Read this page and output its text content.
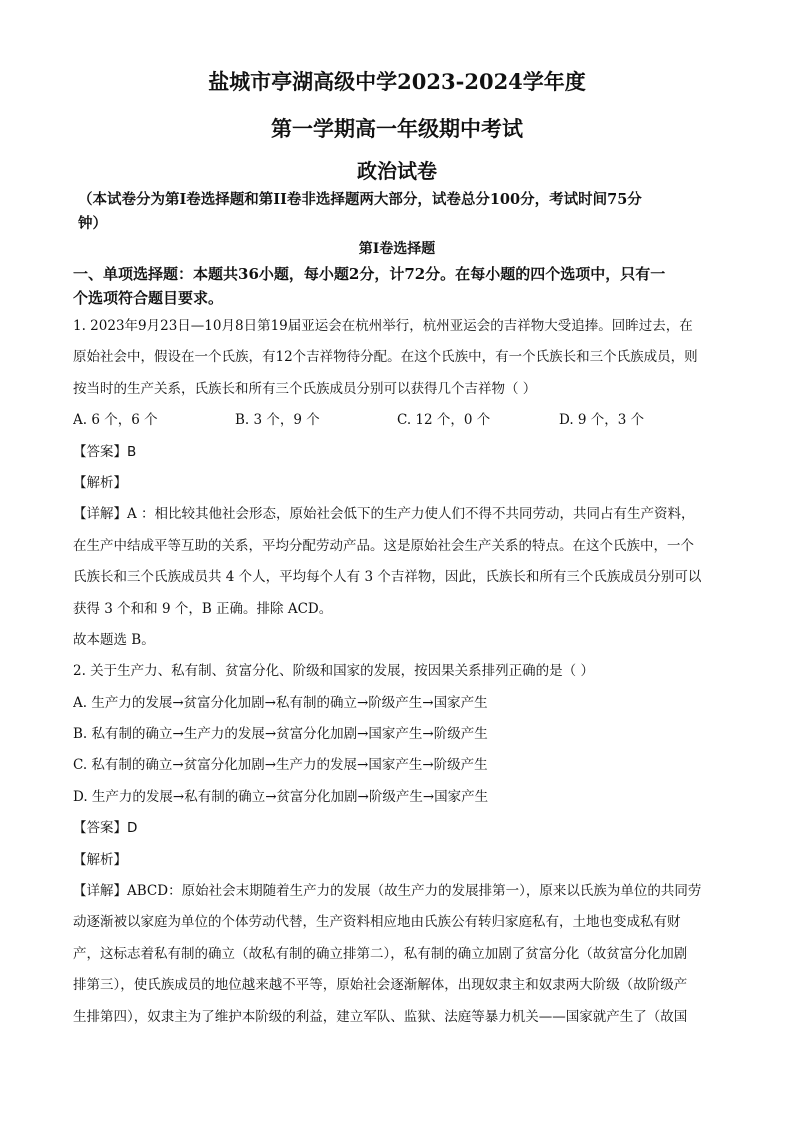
盐城市亭湖高级中学2023-2024学年度
第一学期高一年级期中考试
政治试卷
（本试卷分为第Ⅰ卷选择题和第II卷非选择题两大部分，试卷总分100分，考试时间75分
钟）
第Ⅰ卷选择题
一、单项选择题：本题共36小题，每小题2分，计72分。在每小题的四个选项中，只有一
个选项符合题目要求。
1. 2023年9月23日—10月8日第19届亚运会在杭州举行，杭州亚运会的吉祥物大受追捧。回眸过去，在
原始社会中，假设在一个氏族，有12个吉祥物待分配。在这个氏族中，有一个氏族长和三个氏族成员，则
按当时的生产关系，氏族长和所有三个氏族成员分别可以获得几个吉祥物（ ）
A. 6 个，6 个	B. 3 个，9 个	C. 12 个，0 个	D. 9 个，3 个
【答案】B
【解析】
【详解】A ：相比较其他社会形态，原始社会低下的生产力使人们不得不共同劳动，共同占有生产资料，
在生产中结成平等互助的关系，平均分配劳动产品。这是原始社会生产关系的特点。在这个氏族中，一个
氏族长和三个氏族成员共 4 个人，平均每个人有 3 个吉祥物，因此，氏族长和所有三个氏族成员分别可以
获得 3 个和和 9 个，B 正确。排除 ACD。
故本题选 B。
2. 关于生产力、私有制、贫富分化、阶级和国家的发展，按因果关系排列正确的是（ ）
A. 生产力的发展→贫富分化加剧→私有制的确立→阶级产生→国家产生
B. 私有制的确立→生产力的发展→贫富分化加剧→国家产生→阶级产生
C. 私有制的确立→贫富分化加剧→生产力的发展→国家产生→阶级产生
D. 生产力的发展→私有制的确立→贫富分化加剧→阶级产生→国家产生
【答案】D
【解析】
【详解】ABCD：原始社会末期随着生产力的发展（故生产力的发展排第一），原来以氏族为单位的共同劳
动逐渐被以家庭为单位的个体劳动代替，生产资料相应地由氏族公有转归家庭私有，土地也变成私有财
产，这标志着私有制的确立（故私有制的确立排第二），私有制的确立加剧了贫富分化（故贫富分化加剧
排第三），使氏族成员的地位越来越不平等，原始社会逐渐解体，出现奴隶主和奴隶两大阶级（故阶级产
生排第四），奴隶主为了维护本阶级的利益，建立军队、监狱、法庭等暴力机关——国家就产生了（故国
